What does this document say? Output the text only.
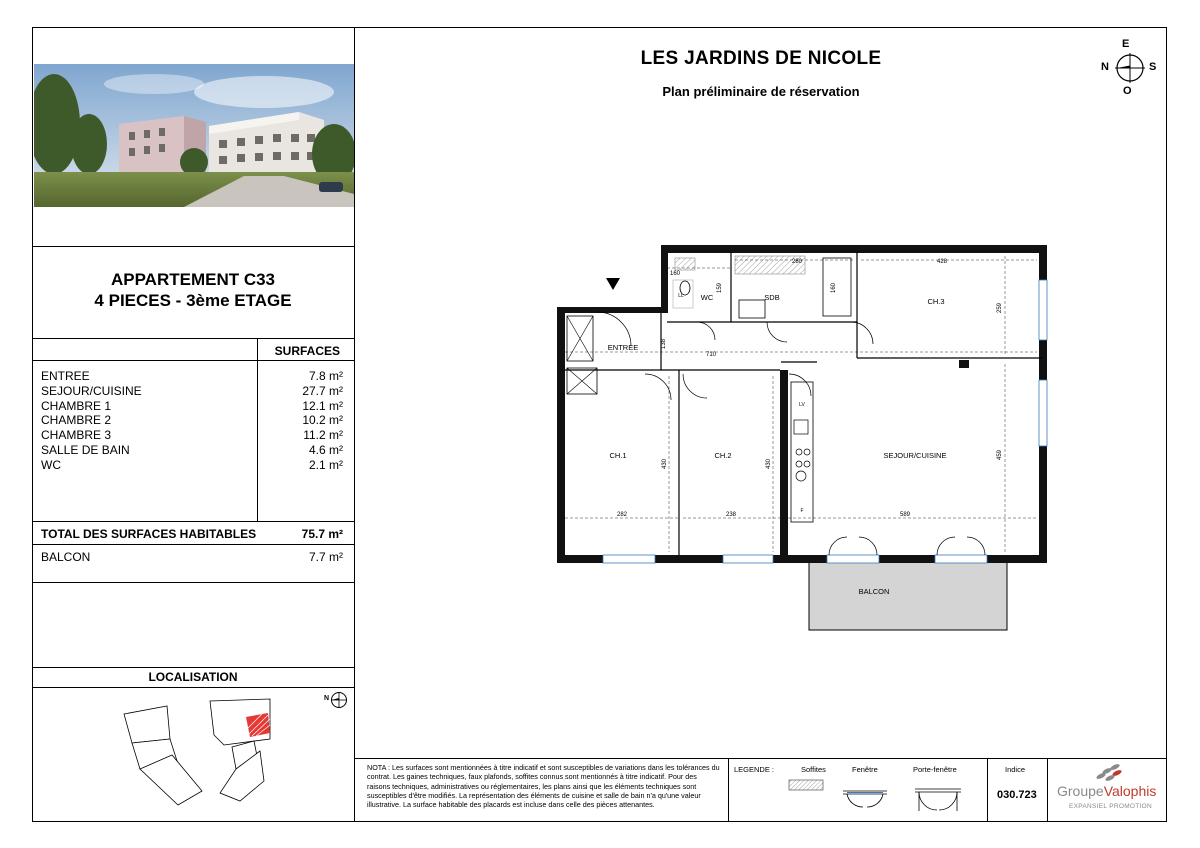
APPARTEMENT C33
4 PIECES - 3ème ETAGE
SURFACES
ENTREE	7.8 m²
SEJOUR/CUISINE	27.7 m²
CHAMBRE 1	12.1 m²
CHAMBRE 2	10.2 m²
CHAMBRE 3	11.2 m²
SALLE DE BAIN	4.6 m²
WC	2.1 m²
TOTAL DES SURFACES HABITABLES	75.7 m²
BALCON	7.7 m²
LOCALISATION
N
LES JARDINS DE NICOLE
Plan préliminaire de réservation
E
N	S
O
ENTREE
WC	SDB	CH.3
CH.1	CH.2	SEJOUR/CUISINE
BALCON
LL
LV
F
160
159
280
160
428
259
138
710
430	430
459
282	238	589
NOTA : Les surfaces sont mentionnées à titre indicatif et sont susceptibles de variations dans les tolérances du contrat. Les gaines techniques, faux plafonds, soffites connus sont mentionnés à titre indicatif. Pour des raisons techniques, administratives ou réglementaires, les plans ainsi que les éléments techniques sont susceptibles d'être modifiés. La représentation des éléments de cuisine et salle de bain n'a qu'une valeur illustrative. La surface habitable des placards est incluse dans celle des pièces attenantes.
LEGENDE :	Soffites	Fenêtre	Porte-fenêtre	Indice
030.723 GroupeValophis
EXPANSIEL PROMOTION
